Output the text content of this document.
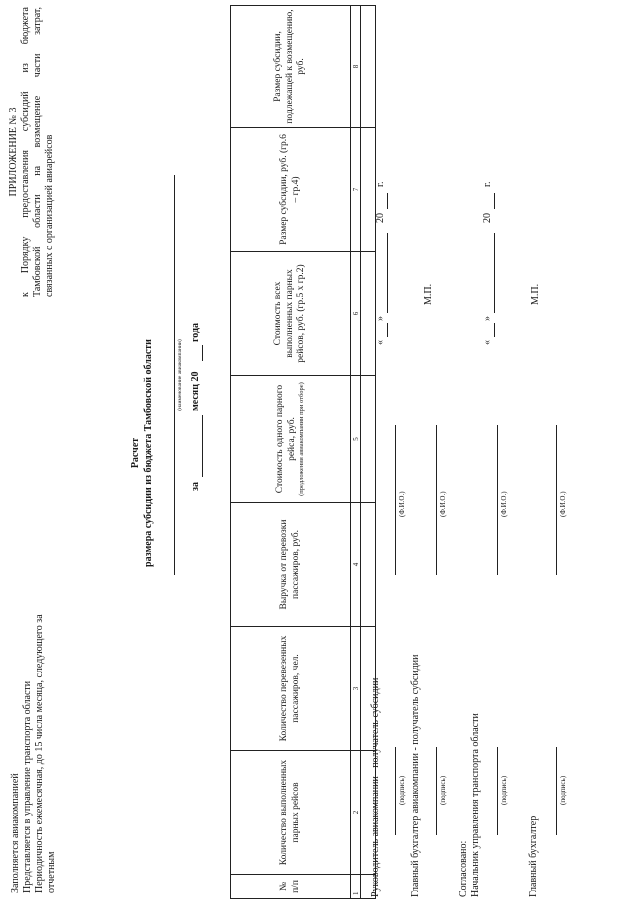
Заполняется авиакомпанией Представляется в управление транспорта области Периодичность ежемесячная, до 15 числа месяца, следующего за отчетным
ПРИЛОЖЕНИЕ № 3 к Порядку предоставления субсидий из бюджета Тамбовской области на возмещение части затрат, связанных с организацией авиарейсов
Расчет размера субсидии из бюджета Тамбовской области	(наименование авиакомпании)
за
месяц 20
года
№ п/п	Количество выполненных парных рейсов	Количество перевезенных пассажиров, чел.	Выручка от перевозки пассажиров, руб.	Стоимость одного парного рейса, руб. (предложения авиакомпании при отборе)	Стоимость всех выполненных парных рейсов, руб. (гр.5 х гр.2)	Размер субсидии, руб. (гр.6 – гр.4)	Размер субсидии, подлежащей к возмещению, руб.
1	2	3	4	5	6	7	8

Руководитель авиакомпании - получатель субсидии (подпись)
(Ф.И.О.)
«
»
20
г.
Главный бухгалтер авиакомпании - получатель субсидии	(подпись)
(Ф.И.О.)
М.П.
Согласовано: Начальник управления транспорта области	(подпись)
(Ф.И.О.)
«
»
20
г.
Главный бухгалтер
(подпись)
(Ф.И.О.)
М.П.
